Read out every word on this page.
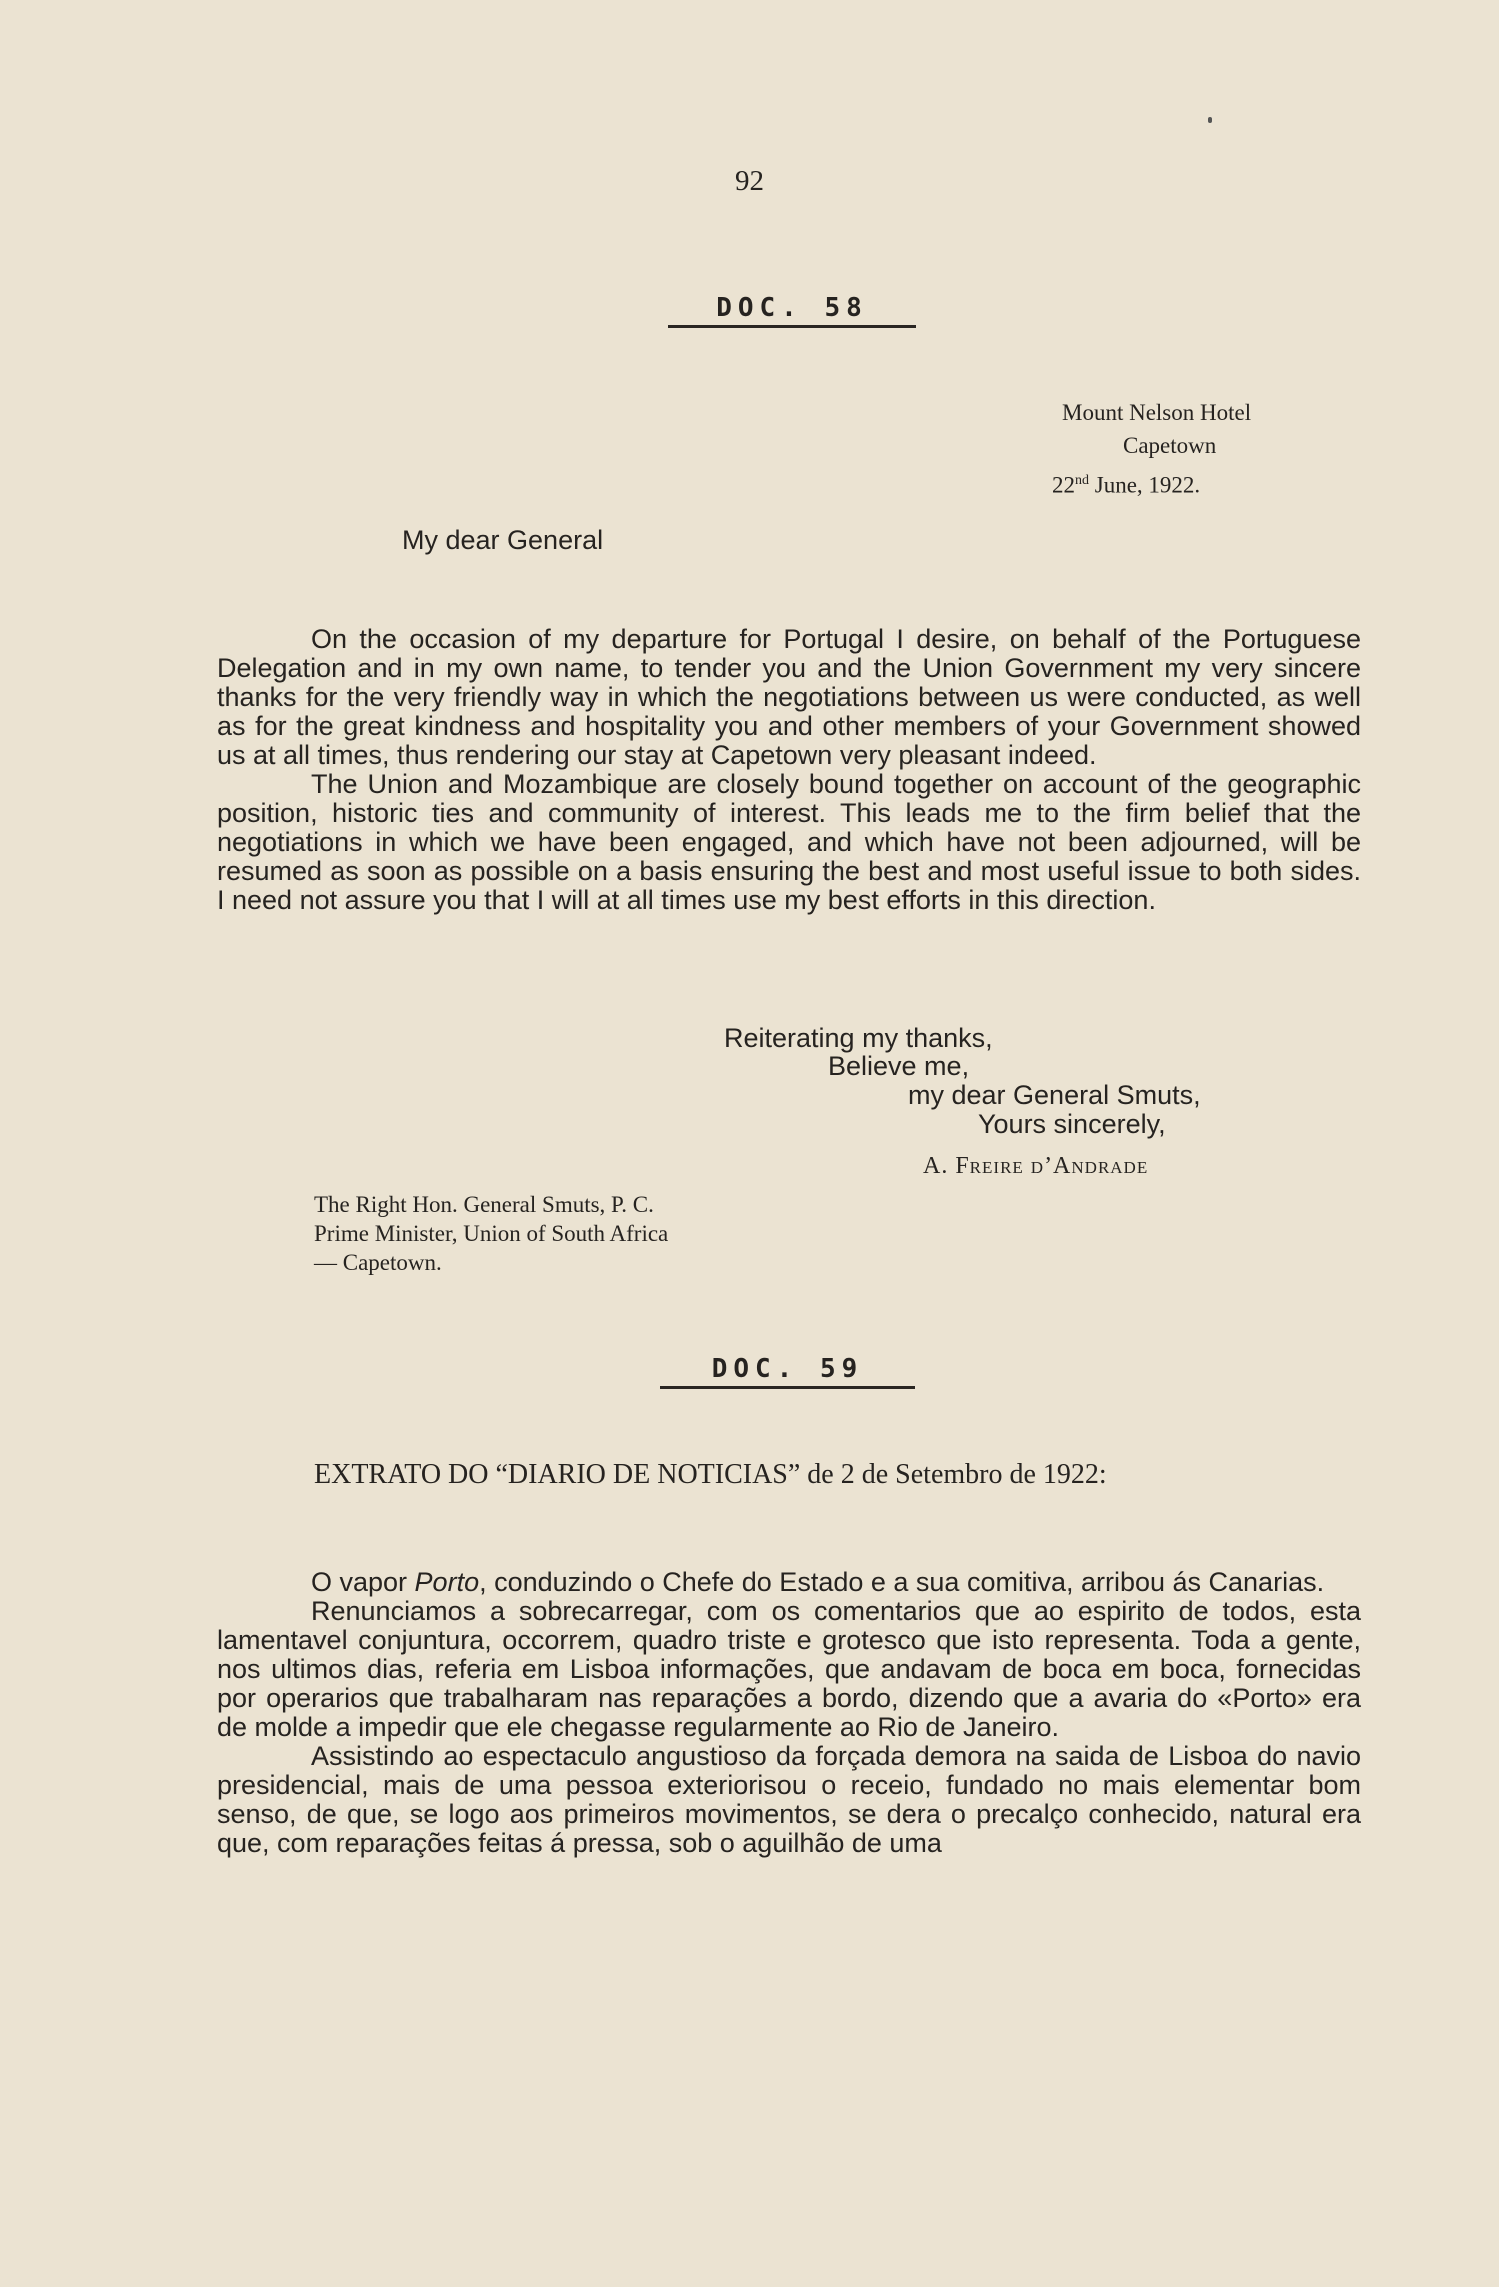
92
DOC. 58
Mount Nelson Hotel
Capetown
22nd June, 1922.
My dear General

On the occasion of my departure for Portugal I desire, on behalf of the Portuguese Delegation and in my own name, to tender you and the Union Government my very sincere thanks for the very friendly way in which the negotiations between us were conducted, as well as for the great kindness and hospitality you and other members of your Government showed us at all times, thus rendering our stay at Capetown very pleasant indeed.

The Union and Mozambique are closely bound together on account of the geographic position, historic ties and community of interest. This leads me to the firm belief that the negotiations in which we have been engaged, and which have not been adjourned, will be resumed as soon as possible on a basis ensuring the best and most useful issue to both sides. I need not assure you that I will at all times use my best efforts in this direction.

Reiterating my thanks,
Believe me,
my dear General Smuts,
Yours sincerely,
A. Freire d’Andrade
The Right Hon. General Smuts, P. C.
Prime Minister, Union of South Africa
— Capetown.
DOC. 59
EXTRATO DO “DIARIO DE NOTICIAS” de 2 de Setembro de 1922:

O vapor Porto, conduzindo o Chefe do Estado e a sua comitiva, arribou ás Canarias.

Renunciamos a sobrecarregar, com os comentarios que ao espirito de todos, esta lamentavel conjuntura, occorrem, quadro triste e grotesco que isto representa. Toda a gente, nos ultimos dias, referia em Lisboa informações, que andavam de boca em boca, fornecidas por operarios que trabalharam nas reparações a bordo, dizendo que a avaria do «Porto» era de molde a impedir que ele chegasse regularmente ao Rio de Janeiro.

Assistindo ao espectaculo angustioso da forçada demora na saida de Lisboa do navio presidencial, mais de uma pessoa exteriorisou o receio, fundado no mais elementar bom senso, de que, se logo aos primeiros movimentos, se dera o precalço conhecido, natural era que, com reparações feitas á pressa, sob o aguilhão de uma
